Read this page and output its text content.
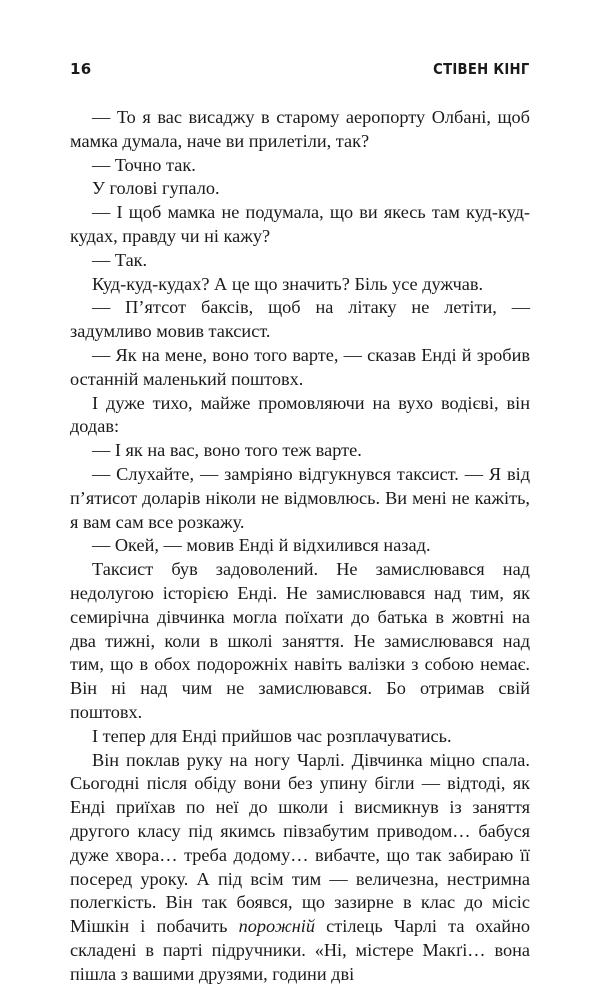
16	СТІВЕН КІНГ

— То я вас висаджу в старому аеропорту Олбані, щоб мамка думала, наче ви прилетіли, так?

— Точно так.

У голові гупало.

— І щоб мамка не подумала, що ви якесь там куд-куд-кудах, правду чи ні кажу?

— Так.

Куд-куд-кудах? А це що значить? Біль усе дужчав.

— П’ятсот баксів, щоб на літаку не летіти, — задумливо мовив таксист.

— Як на мене, воно того варте, — сказав Енді й зробив останній маленький поштовх.

І дуже тихо, майже промовляючи на вухо водієві, він додав:

— І як на вас, воно того теж варте.

— Слухайте, — замріяно відгукнувся таксист. — Я від п’ятисот доларів ніколи не відмовлюсь. Ви мені не кажіть, я вам сам все розкажу.

— Окей, — мовив Енді й відхилився назад.

Таксист був задоволений. Не замислювався над недолугою історією Енді. Не замислювався над тим, як семирічна дівчинка могла поїхати до батька в жовтні на два тижні, коли в школі заняття. Не замислювався над тим, що в обох подорожніх навіть валізки з собою немає. Він ні над чим не замислювався. Бо отримав свій поштовх.

І тепер для Енді прийшов час розплачуватись.

Він поклав руку на ногу Чарлі. Дівчинка міцно спала. Сьогодні після обіду вони без упину бігли — відтоді, як Енді приїхав по неї до школи і висмикнув із заняття другого класу під якимсь півзабутим приводом… бабуся дуже хвора… треба додому… вибачте, що так забираю її посеред уроку. А під всім тим — величезна, нестримна полегкість. Він так боявся, що зазирне в клас до місіс Мішкін і побачить порожній стілець Чарлі та охайно складені в парті підручники. «Ні, містере Макґі… вона пішла з вашими друзями, години дві
